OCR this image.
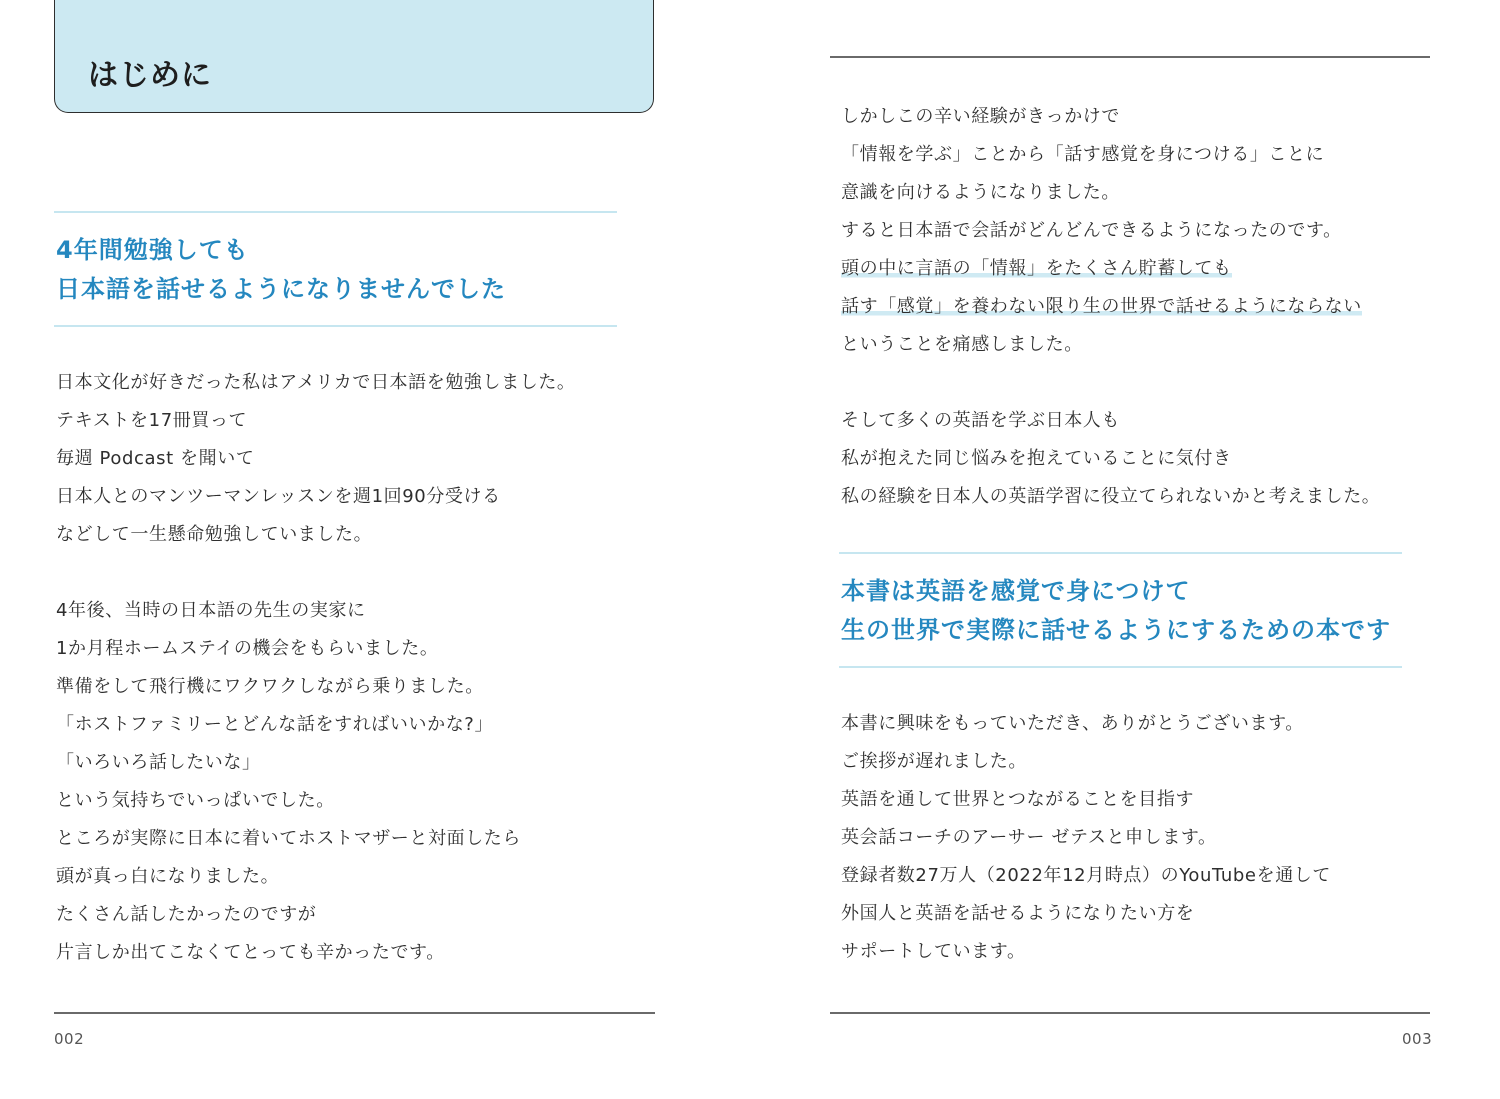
はじめに
4年間勉強しても
日本語を話せるようになりませんでした
日本文化が好きだった私はアメリカで日本語を勉強しました。
テキストを17冊買って
毎週 Podcast を聞いて
日本人とのマンツーマンレッスンを週1回90分受ける
などして一生懸命勉強していました。
4年後、当時の日本語の先生の実家に
1か月程ホームステイの機会をもらいました。
準備をして飛行機にワクワクしながら乗りました。
「ホストファミリーとどんな話をすればいいかな?」
「いろいろ話したいな」
という気持ちでいっぱいでした。
ところが実際に日本に着いてホストマザーと対面したら
頭が真っ白になりました。
たくさん話したかったのですが
片言しか出てこなくてとっても辛かったです。
002
しかしこの辛い経験がきっかけで
「情報を学ぶ」ことから「話す感覚を身につける」ことに
意識を向けるようになりました。
すると日本語で会話がどんどんできるようになったのです。
頭の中に言語の「情報」をたくさん貯蓄しても
話す「感覚」を養わない限り生の世界で話せるようにならない
ということを痛感しました。
そして多くの英語を学ぶ日本人も
私が抱えた同じ悩みを抱えていることに気付き
私の経験を日本人の英語学習に役立てられないかと考えました。
本書は英語を感覚で身につけて
生の世界で実際に話せるようにするための本です
本書に興味をもっていただき、ありがとうございます。
ご挨拶が遅れました。
英語を通して世界とつながることを目指す
英会話コーチのアーサー ゼテスと申します。
登録者数27万人（2022年12月時点）のYouTubeを通して
外国人と英語を話せるようになりたい方を
サポートしています。
003
